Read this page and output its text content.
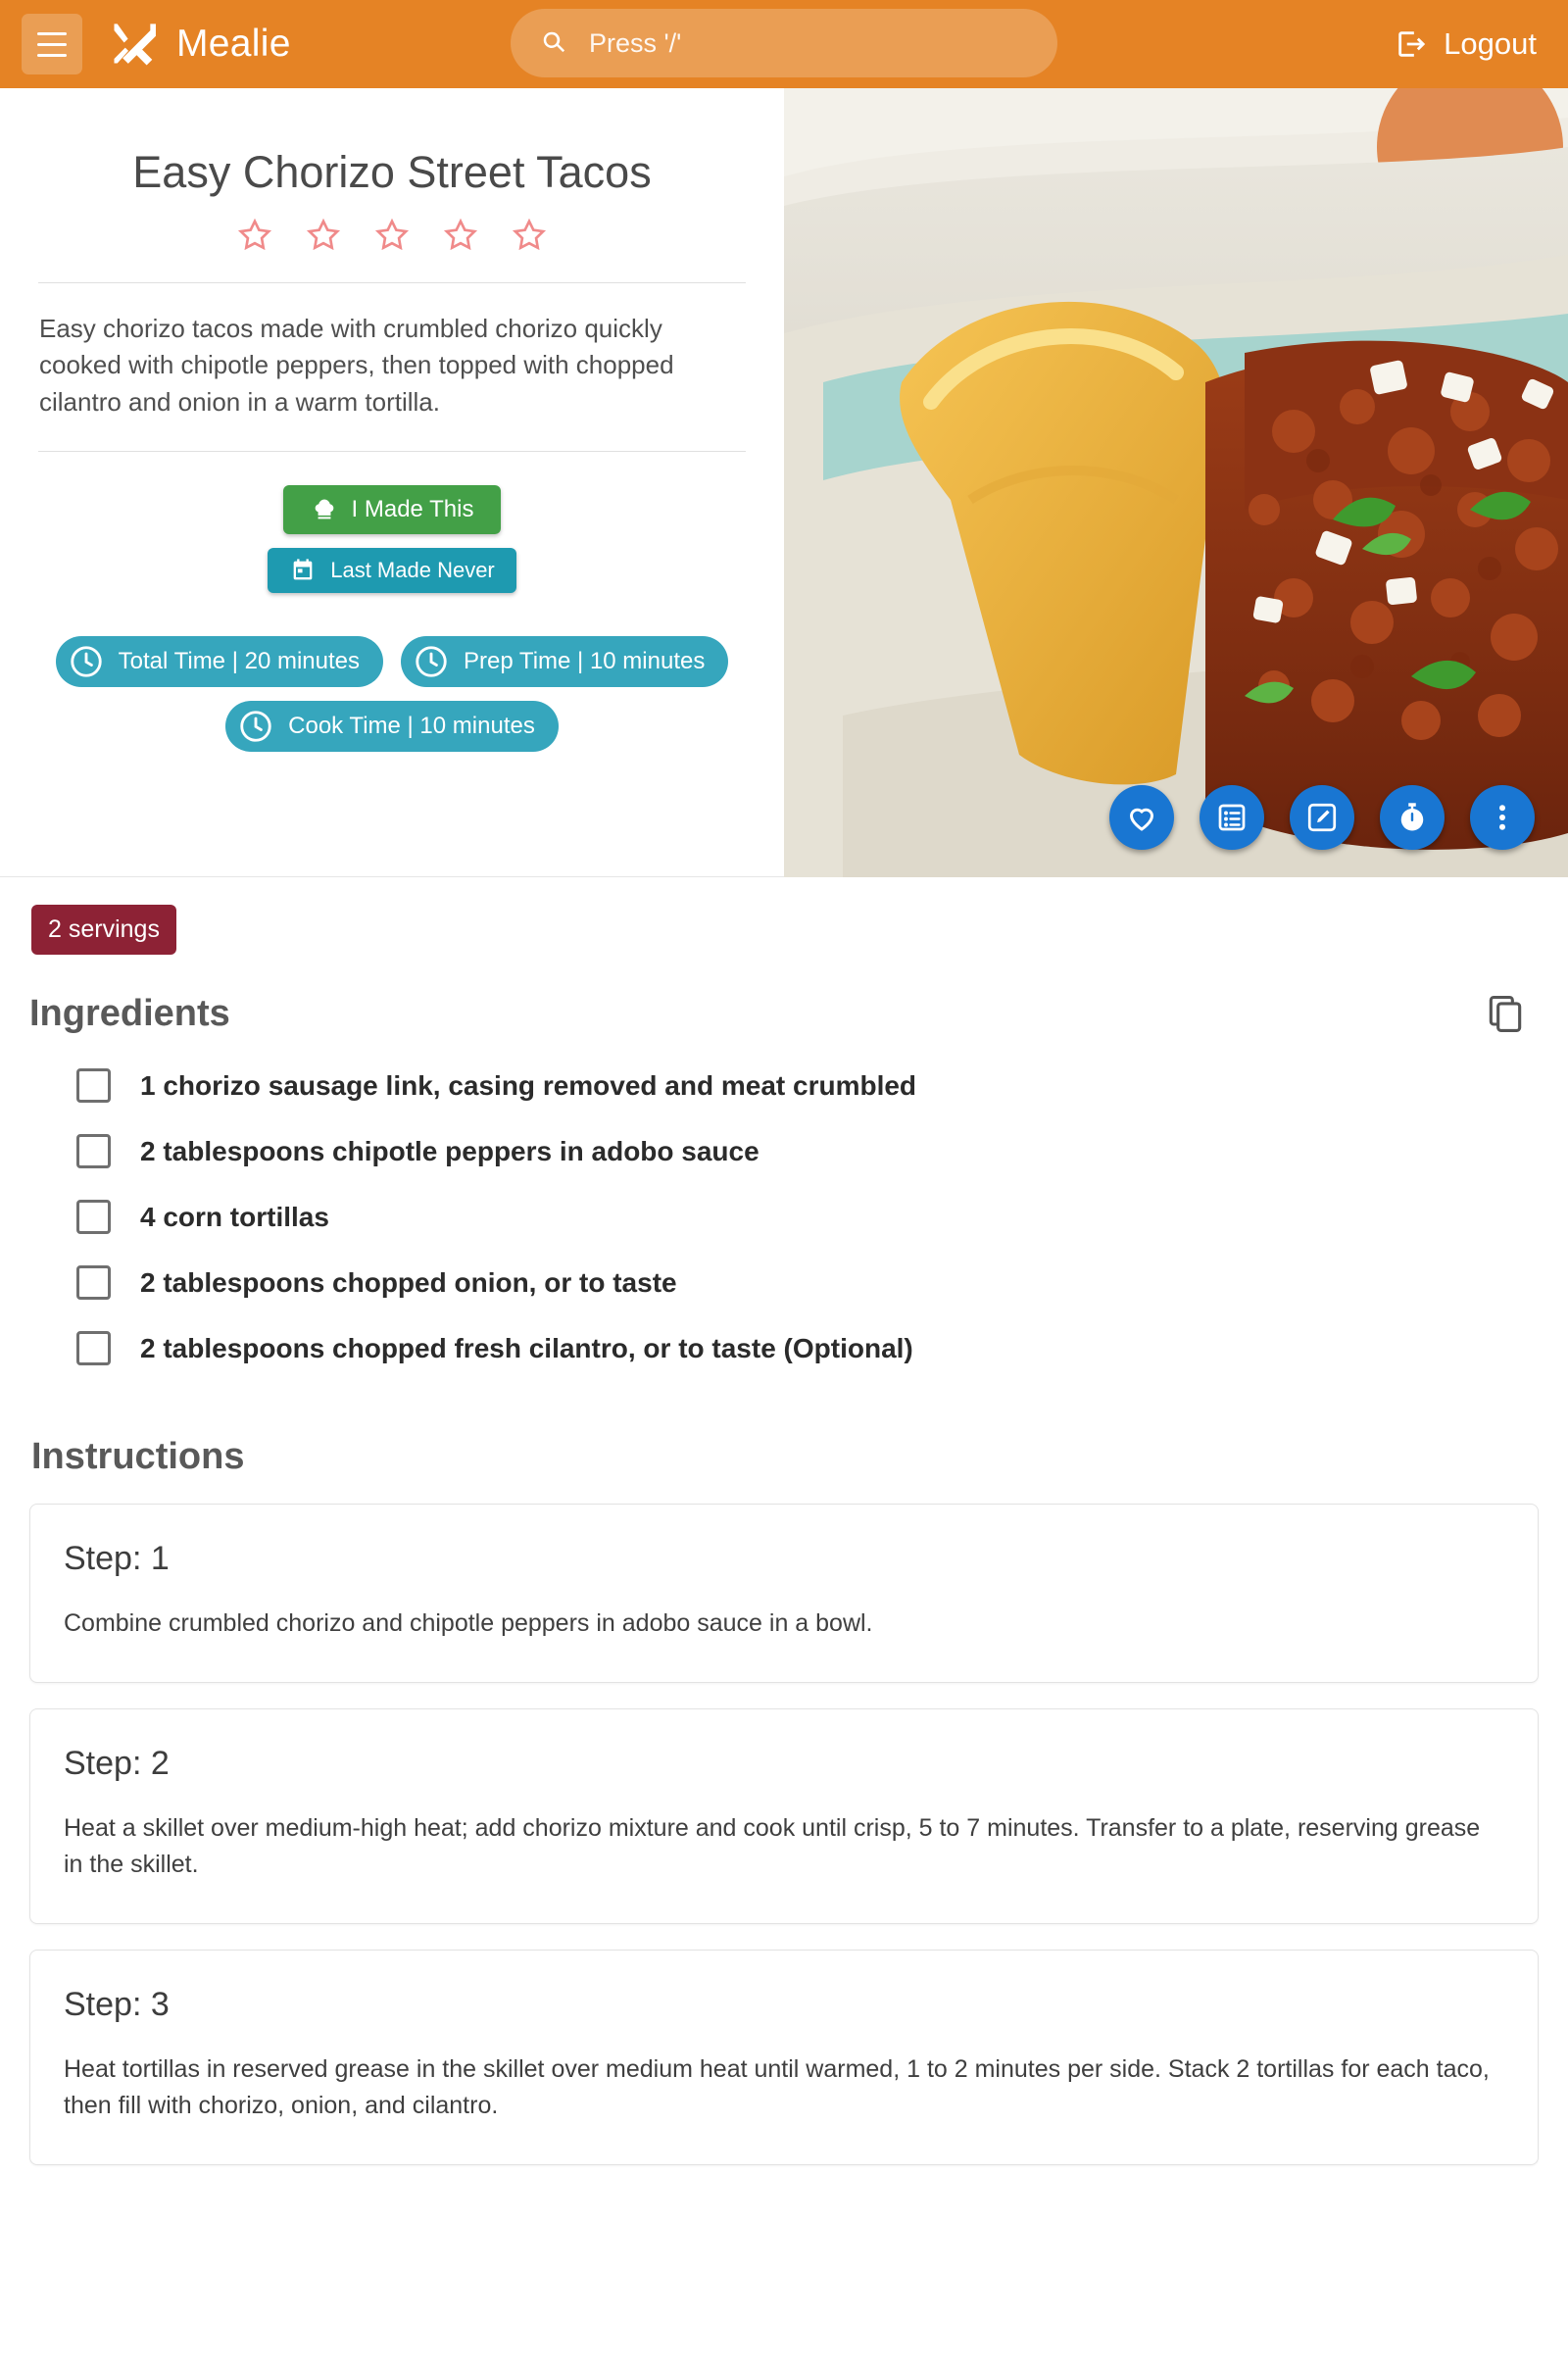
Mealie
Press '/'	Logout
Easy Chorizo Street Tacos
Easy chorizo tacos made with crumbled chorizo quickly cooked with chipotle peppers, then topped with chopped cilantro and onion in a warm tortilla.
I Made This
Last Made Never
Total Time | 20 minutes	Prep Time | 10 minutes
Cook Time | 10 minutes
2 servings
Ingredients
1 chorizo sausage link, casing removed and meat crumbled
2 tablespoons chipotle peppers in adobo sauce
4 corn tortillas
2 tablespoons chopped onion, or to taste
2 tablespoons chopped fresh cilantro, or to taste (Optional)
Instructions
Step: 1
Combine crumbled chorizo and chipotle peppers in adobo sauce in a bowl.
Step: 2
Heat a skillet over medium-high heat; add chorizo mixture and cook until crisp, 5 to 7 minutes. Transfer to a plate, reserving grease in the skillet.
Step: 3
Heat tortillas in reserved grease in the skillet over medium heat until warmed, 1 to 2 minutes per side. Stack 2 tortillas for each taco, then fill with chorizo, onion, and cilantro.
